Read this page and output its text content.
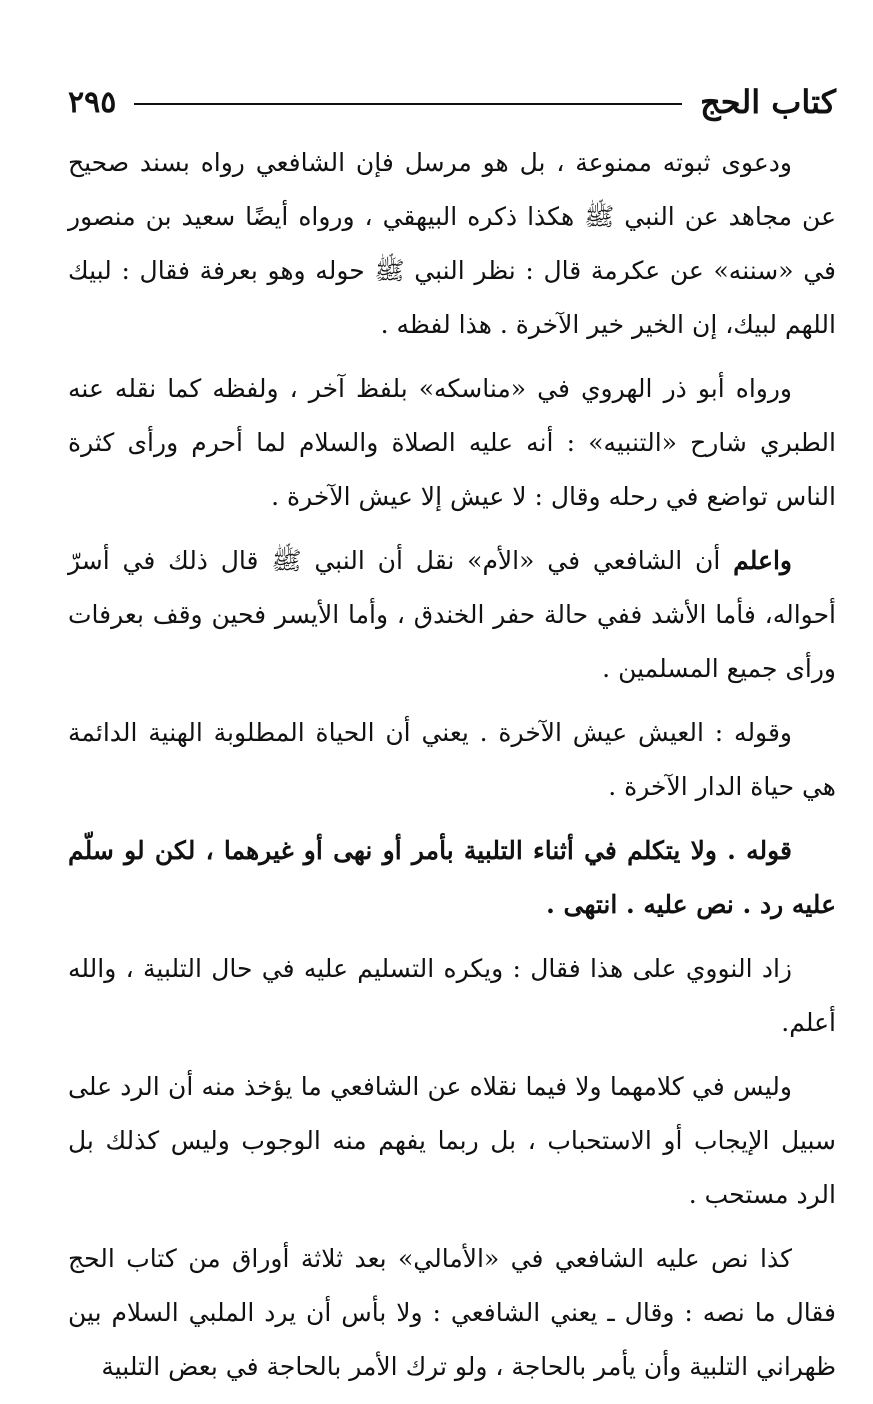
كتاب الحج
٢٩٥

ودعوى ثبوته ممنوعة ، بل هو مرسل فإن الشافعي رواه بسند صحيح عن مجاهد عن النبي ﷺ هكذا ذكره البيهقي ، ورواه أيضًا سعيد بن منصور في «سننه» عن عكرمة قال : نظر النبي ﷺ حوله وهو بعرفة فقال : لبيك اللهم لبيك، إن الخير خير الآخرة . هذا لفظه .

ورواه أبو ذر الهروي في «مناسكه» بلفظ آخر ، ولفظه كما نقله عنه الطبري شارح «التنبيه» : أنه عليه الصلاة والسلام لما أحرم ورأى كثرة الناس تواضع في رحله وقال : لا عيش إلا عيش الآخرة .

واعلم أن الشافعي في «الأم» نقل أن النبي ﷺ قال ذلك في أسرّ أحواله، فأما الأشد ففي حالة حفر الخندق ، وأما الأيسر فحين وقف بعرفات ورأى جميع المسلمين .

وقوله : العيش عيش الآخرة . يعني أن الحياة المطلوبة الهنية الدائمة هي حياة الدار الآخرة .

قوله . ولا يتكلم في أثناء التلبية بأمر أو نهى أو غيرهما ، لكن لو سلّم عليه رد . نص عليه . انتهى .

زاد النووي على هذا فقال : ويكره التسليم عليه في حال التلبية ، والله أعلم.

وليس في كلامهما ولا فيما نقلاه عن الشافعي ما يؤخذ منه أن الرد على سبيل الإيجاب أو الاستحباب ، بل ربما يفهم منه الوجوب وليس كذلك بل الرد مستحب .

كذا نص عليه الشافعي في «الأمالي» بعد ثلاثة أوراق من كتاب الحج فقال ما نصه : وقال ـ يعني الشافعي : ولا بأس أن يرد الملبي السلام بين ظهراني التلبية وأن يأمر بالحاجة ، ولو ترك الأمر بالحاجة في بعض التلبية
